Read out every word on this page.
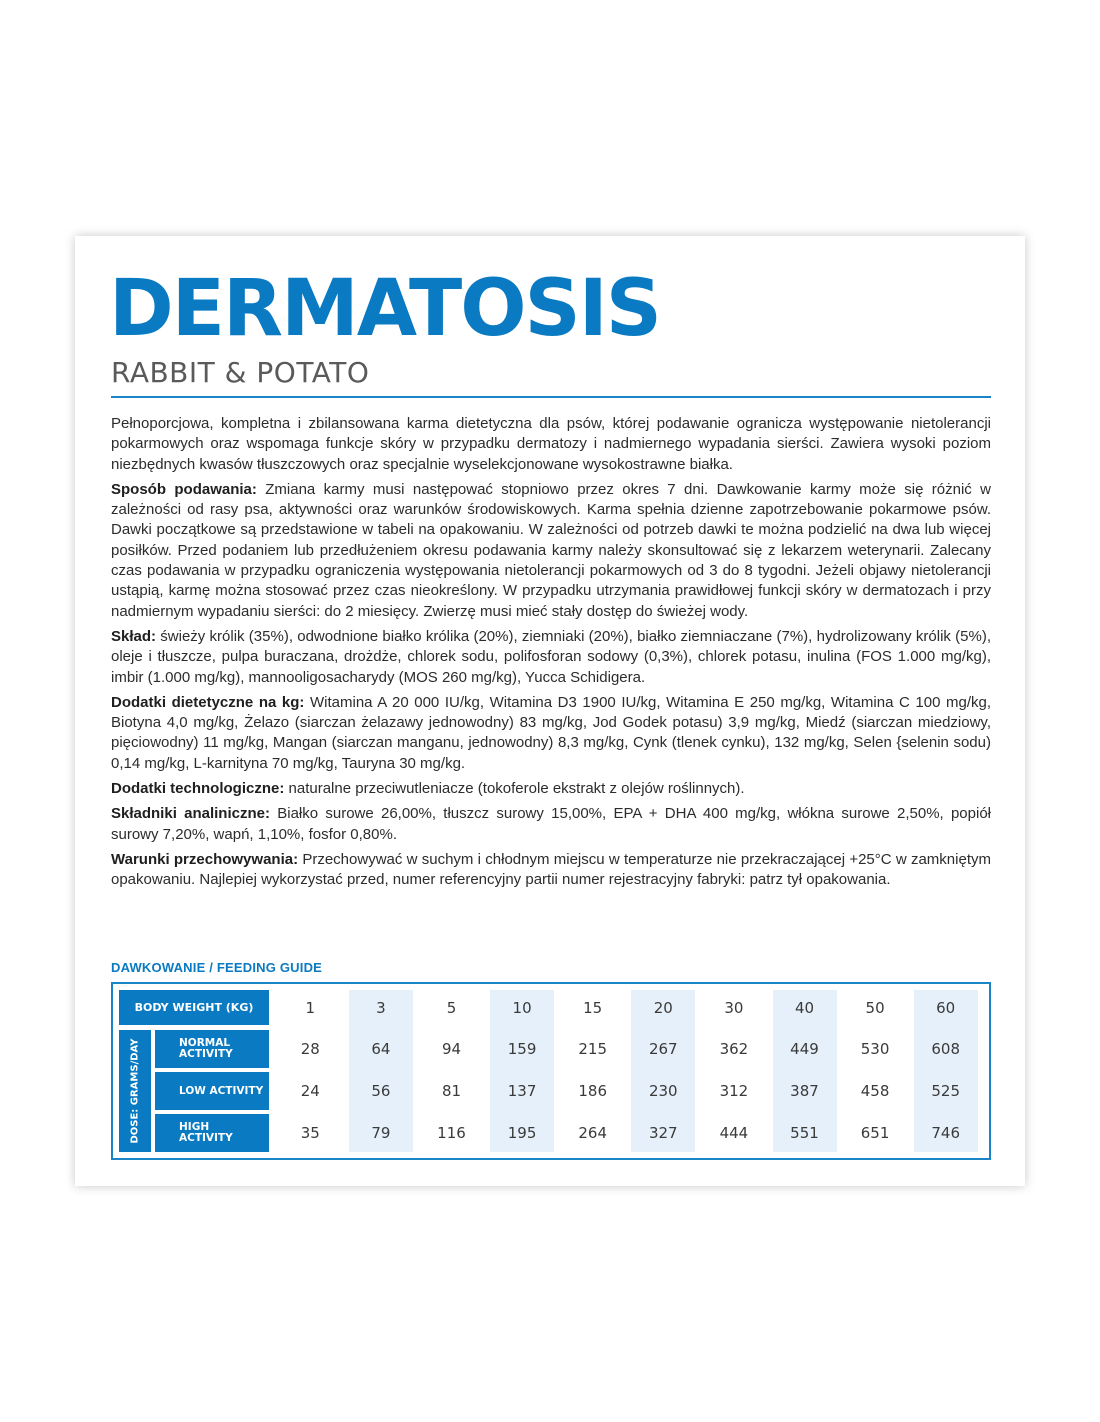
DERMATOSIS
RABBIT & POTATO

Pełnoporcjowa, kompletna i zbilansowana karma dietetyczna dla psów, której podawanie ogranicza występowanie nietolerancji pokarmowych oraz wspomaga funkcje skóry w przypadku dermatozy i nadmiernego wypadania sierści. Zawiera wysoki poziom niezbędnych kwasów tłuszczowych oraz specjalnie wyselekcjonowane wysokostrawne białka.

Sposób podawania: Zmiana karmy musi następować stopniowo przez okres 7 dni. Dawkowanie karmy może się różnić w zależności od rasy psa, aktywności oraz warunków środowiskowych. Karma spełnia dzienne zapotrzebowanie pokarmowe psów. Dawki początkowe są przedstawione w tabeli na opakowaniu. W zależności od potrzeb dawki te można podzielić na dwa lub więcej posiłków. Przed podaniem lub przedłużeniem okresu podawania karmy należy skonsultować się z lekarzem weterynarii. Zalecany czas podawania w przypadku ograniczenia występowania nietolerancji pokarmowych od 3 do 8 tygodni. Jeżeli objawy nietolerancji ustąpią, karmę można stosować przez czas nieokreślony. W przypadku utrzymania prawidłowej funkcji skóry w dermatozach i przy nadmiernym wypadaniu sierści: do 2 miesięcy. Zwierzę musi mieć stały dostęp do świeżej wody.

Skład: świeży królik (35%), odwodnione białko królika (20%), ziemniaki (20%), białko ziemniaczane (7%), hydrolizowany królik (5%), oleje i tłuszcze, pulpa buraczana, drożdże, chlorek sodu, polifosforan sodowy (0,3%), chlorek potasu, inulina (FOS 1.000 mg/kg), imbir (1.000 mg/kg), mannooligosacharydy (MOS 260 mg/kg), Yucca Schidigera.

Dodatki dietetyczne na kg: Witamina A 20 000 IU/kg, Witamina D3 1900 IU/kg, Witamina E 250 mg/kg, Witamina C 100 mg/kg, Biotyna 4,0 mg/kg, Żelazo (siarczan żelazawy jednowodny) 83 mg/kg, Jod Godek potasu) 3,9 mg/kg, Miedź (siarczan miedziowy, pięciowodny) 11 mg/kg, Mangan (siarczan manganu, jednowodny) 8,3 mg/kg, Cynk (tlenek cynku), 132 mg/kg, Selen {selenin sodu) 0,14 mg/kg, L-karnityna 70 mg/kg, Tauryna 30 mg/kg.

Dodatki technologiczne: naturalne przeciwutleniacze (tokoferole ekstrakt z olejów roślinnych).

Składniki analiniczne: Białko surowe 26,00%, tłuszcz surowy 15,00%, EPA + DHA 400 mg/kg, włókna surowe 2,50%, popiół surowy 7,20%, wapń, 1,10%, fosfor 0,80%.

Warunki przechowywania: Przechowywać w suchym i chłodnym miejscu w temperaturze nie przekraczającej +25°C w zamkniętym opakowaniu. Najlepiej wykorzystać przed, numer referencyjny partii numer rejestracyjny fabryki: patrz tył opakowania.

DAWKOWANIE / FEEDING GUIDE
BODY WEIGHT (KG)
DOSE: GRAMS/DAY	NORMAL
ACTIVITY
LOW ACTIVITY
HIGH
ACTIVITY
1
28
24
35
3
64
56
79
5
94
81
116
10
159
137
195
15
215
186
264
20
267
230
327
30
362
312
444
40
449
387
551
50
530
458
651
60
608
525
746
